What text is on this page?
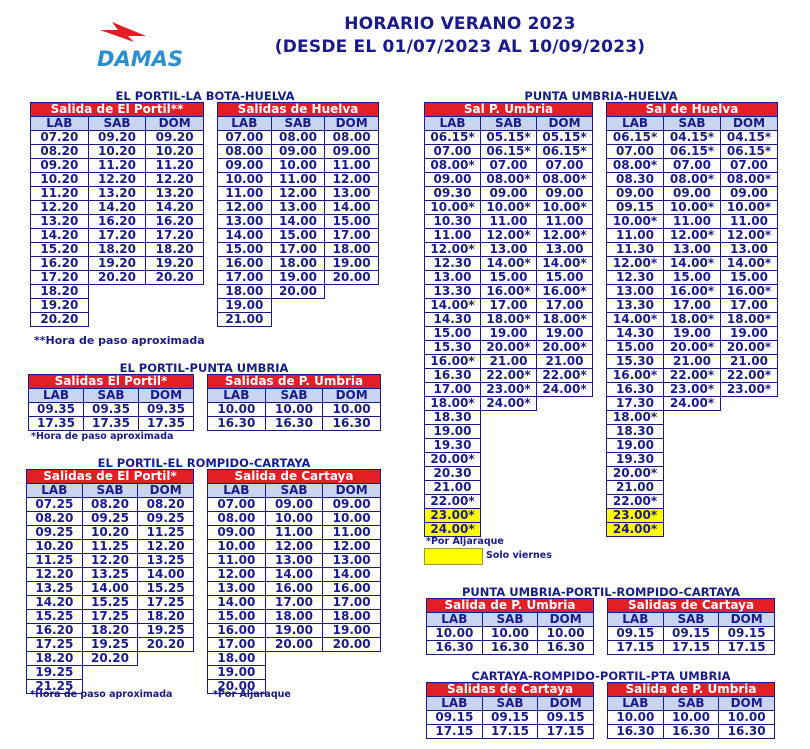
DAMAS
HORARIO VERANO 2023
(DESDE EL 01/07/2023 AL 10/09/2023)
EL PORTIL-LA BOTA-HUELVA
Salida de El Portil**		
LAB	SAB	DOM
07.20	09.20	09.20
08.20	10.20	10.20
09.20	11.20	11.20
10.20	12.20	12.20
11.20	13.20	13.20
12.20	14.20	14.20
13.20	16.20	16.20
14.20	17.20	17.20
15.20	18.20	18.20
16.20	19.20	19.20
17.20	20.20	20.20
18.20		
19.20		
20.20		
Salidas de Huelva		
LAB	SAB	DOM
07.00	08.00	08.00
08.00	09.00	09.00
09.00	10.00	11.00
10.00	11.00	12.00
11.00	12.00	13.00
12.00	13.00	14.00
13.00	14.00	15.00
14.00	15.00	17.00
15.00	17.00	18.00
16.00	18.00	19.00
17.00	19.00	20.00
18.00	20.00	
19.00		
21.00		
**Hora de paso aproximada
EL PORTIL-PUNTA UMBRIA
Salidas El Portil*		
LAB	SAB	DOM
09.35	09.35	09.35
17.35	17.35	17.35
Salidas de P. Umbria		
LAB	SAB	DOM
10.00	10.00	10.00
16.30	16.30	16.30
*Hora de paso aproximada
EL PORTIL-EL ROMPIDO-CARTAYA
Salidas de El Portil*		
LAB	SAB	DOM
07.25	08.20	08.20
08.20	09.25	09.25
09.25	10.20	11.25
10.20	11.25	12.20
11.25	12.20	13.25
12.20	13.25	14.00
13.25	14.00	15.25
14.20	15.25	17.25
15.25	17.25	18.20
16.20	18.20	19.25
17.25	19.25	20.20
18.20	20.20	
19.25		
21.25		
Salida de Cartaya		
LAB	SAB	DOM
07.00	09.00	09.00
08.00	10.00	10.00
09.00	11.00	11.00
10.00	12.00	12.00
11.00	13.00	13.00
12.00	14.00	14.00
13.00	16.00	16.00
14.00	17.00	17.00
15.00	18.00	18.00
16.00	19.00	19.00
17.00	20.00	20.00
18.00		
19.00		
20.00		
*Hora de paso aproximada	*Por Aljaraque
PUNTA UMBRIA-HUELVA
Sal P. Umbria		
LAB	SAB	DOM
06.15*	05.15*	05.15*
07.00	06.15*	06.15*
08.00*	07.00	07.00
09.00	08.00*	08.00*
09.30	09.00	09.00
10.00*	10.00*	10.00*
10.30	11.00	11.00
11.00	12.00*	12.00*
12.00*	13.00	13.00
12.30	14.00*	14.00*
13.00	15.00	15.00
13.30	16.00*	16.00*
14.00*	17.00	17.00
14.30	18.00*	18.00*
15.00	19.00	19.00
15.30	20.00*	20.00*
16.00*	21.00	21.00
16.30	22.00*	22.00*
17.00	23.00*	24.00*
18.00*	24.00*	
18.30		
19.00		
19.30		
20.00*		
20.30		
21.00		
22.00*		
23.00*		
24.00*		
Sal de Huelva		
LAB	SAB	DOM
06.15*	04.15*	04.15*
07.00	06.15*	06.15*
08.00*	07.00	07.00
08.30	08.00*	08.00*
09.00	09.00	09.00
09.15	10.00*	10.00*
10.00*	11.00	11.00
11.00	12.00*	12.00*
11.30	13.00	13.00
12.00*	14.00*	14.00*
12.30	15.00	15.00
13.00	16.00*	16.00*
13.30	17.00	17.00
14.00*	18.00*	18.00*
14.30	19.00	19.00
15.00	20.00*	20.00*
15.30	21.00	21.00
16.00*	22.00*	22.00*
16.30	23.00*	23.00*
17.30	24.00*	
18.00*		
18.30		
19.00		
19.30		
20.00*		
21.00		
22.00*		
23.00*		
24.00*		
*Por Aljaraque
Solo viernes
PUNTA UMBRIA-PORTIL-ROMPIDO-CARTAYA
Salida de P. Umbria		
LAB	SAB	DOM
10.00	10.00	10.00
16.30	16.30	16.30
Salidas de Cartaya		
LAB	SAB	DOM
09.15	09.15	09.15
17.15	17.15	17.15
CARTAYA-ROMPIDO-PORTIL-PTA UMBRIA
Salidas de Cartaya		
LAB	SAB	DOM
09.15	09.15	09.15
17.15	17.15	17.15
Salida de P. Umbria		
LAB	SAB	DOM
10.00	10.00	10.00
16.30	16.30	16.30
